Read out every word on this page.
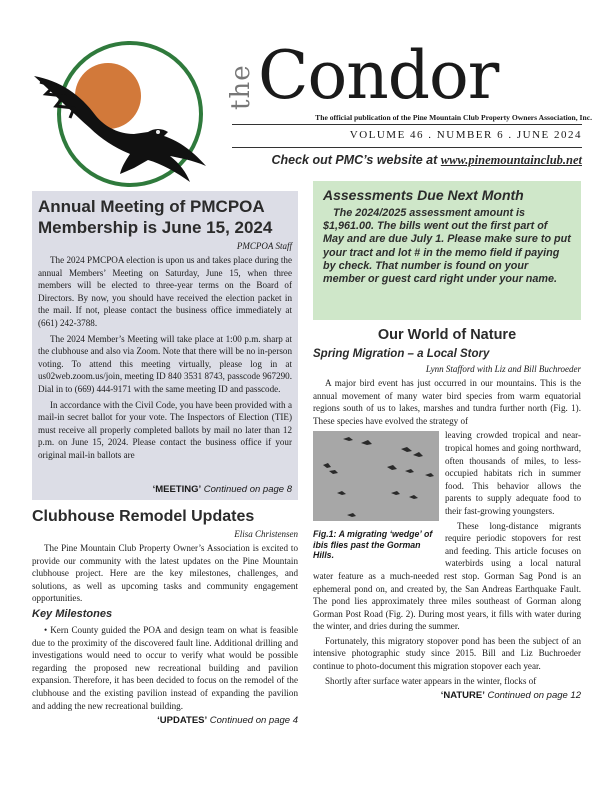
the Condor
The official publication of the Pine Mountain Club Property Owners Association, Inc.
VOLUME 46 . NUMBER 6 . JUNE 2024
Check out PMC’s website at www.pinemountainclub.net
Annual Meeting of PMCPOA Membership is June 15, 2024
PMCPOA Staff

The 2024 PMCPOA election is upon us and takes place during the annual Members’ Meeting on Saturday, June 15, when three members will be elected to three-year terms on the Board of Directors. By now, you should have received the election packet in the mail. If not, please contact the business office immediately at (661) 242-3788.

The 2024 Member’s Meeting will take place at 1:00 p.m. sharp at the clubhouse and also via Zoom. Note that there will be no in-person voting. To attend this meeting virtually, please log in at us02web.zoom.us/join, meeting ID 840 3531 8743, passcode 967290. Dial in to (669) 444-9171 with the same meeting ID and passcode.

In accordance with the Civil Code, you have been provided with a mail-in secret ballot for your vote. The Inspectors of Election (TIE) must receive all properly completed ballots by mail no later than 12 p.m. on June 15, 2024. Please contact the business office if your original mail-in ballots are

‘MEETING’ Continued on page 8
Clubhouse Remodel Updates
Elisa Christensen

The Pine Mountain Club Property Owner’s Association is excited to provide our community with the latest updates on the Pine Mountain clubhouse project. Here are the key milestones, challenges, and solutions, as well as upcoming tasks and community engagement opportunities.

Key Milestones

• Kern County guided the POA and design team on what is feasible due to the proximity of the discovered fault line. Additional drilling and investigations would need to occur to verify what would be possible regarding the proposed new recreational building and pavilion expansion. Therefore, it has been decided to focus on the remodel of the clubhouse and the existing pavilion instead of expanding the pavilion and adding the new recreational building.

‘UPDATES’ Continued on page 4
Assessments Due Next Month

The 2024/2025 assessment amount is $1,961.00. The bills went out the first part of May and are due July 1. Please make sure to put your tract and lot # in the memo field if paying by check. That number is found on your member or guest card right under your name.

Our World of Nature
Spring Migration – a Local Story
Lynn Stafford with Liz and Bill Buchroeder

A major bird event has just occurred in our mountains. This is the annual movement of many water bird species from warm equatorial regions south of us to lakes, marshes and tundra further north (Fig. 1). These species have evolved the strategy of

Fig.1: A migrating ‘wedge’ of ibis flies past the Gorman Hills.

leaving crowded tropical and near-tropical homes and going northward, often thousands of miles, to less-occupied habitats rich in summer food. This behavior allows the parents to supply adequate food to their fast-growing youngsters.

These long-distance migrants require periodic stopovers for rest and feeding. This article focuses on waterbirds using a local natural water feature as a much-needed rest stop. Gorman Sag Pond is an ephemeral pond on, and created by, the San Andreas Earthquake Fault. The pond lies approximately three miles southeast of Gorman along Gorman Post Road (Fig. 2). During most years, it fills with water during the winter, and dries during the summer.

Fortunately, this migratory stopover pond has been the subject of an intensive photographic study since 2015. Bill and Liz Buchroeder continue to photo-document this migration stopover each year.

Shortly after surface water appears in the winter, flocks of

‘NATURE’ Continued on page 12
